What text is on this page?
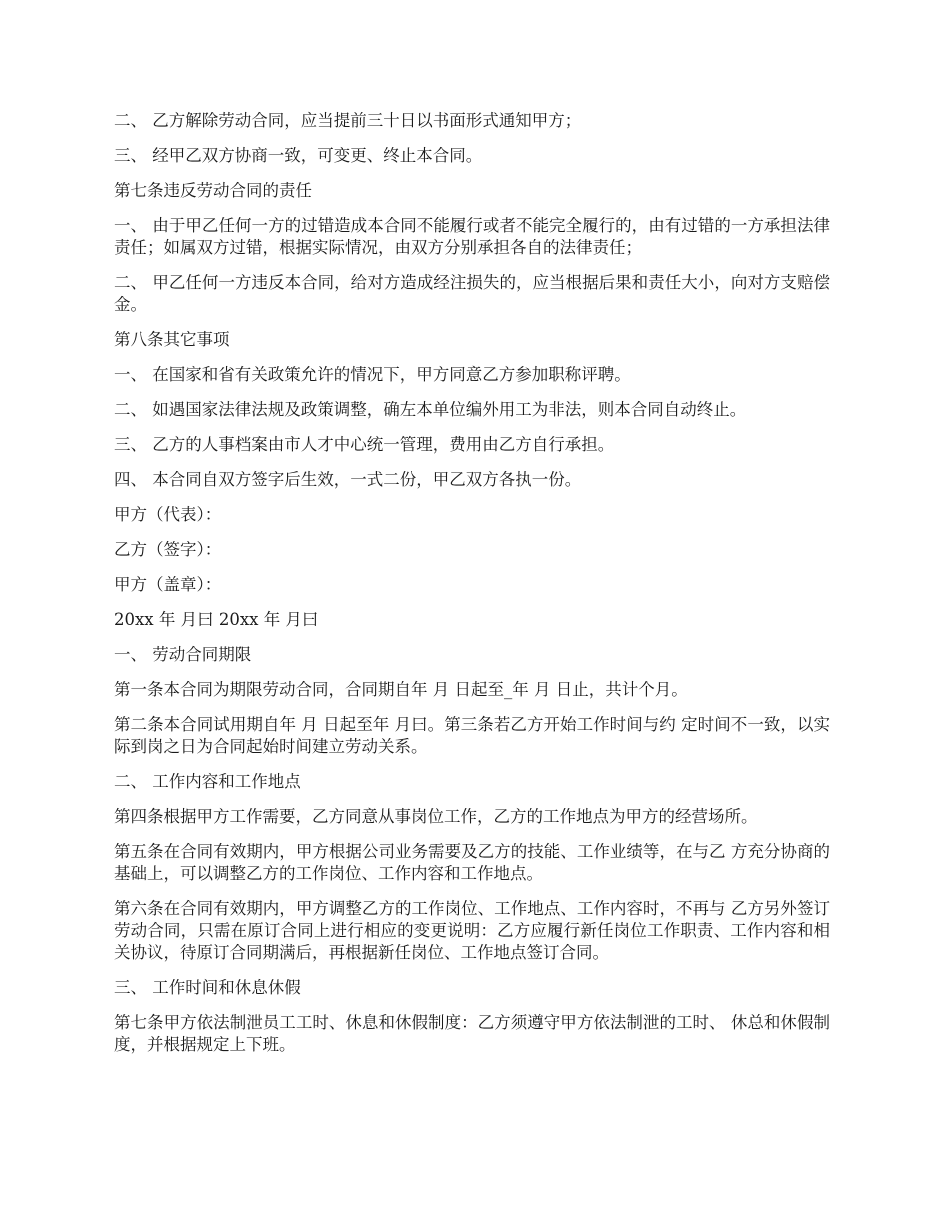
二、 乙方解除劳动合同，应当提前三十日以书面形式通知甲方；

三、 经甲乙双方协商一致，可变更、终止本合同。

第七条违反劳动合同的责任

一、 由于甲乙任何一方的过错造成本合同不能履行或者不能完全履行的，由有过错的一方承担法律责任；如属双方过错，根据实际情况，由双方分别承担各自的法律责任；

二、 甲乙任何一方违反本合同，给对方造成经注损失的，应当根据后果和责任大小，向对方支赔偿金。

第八条其它事项

一、 在国家和省有关政策允许的情况下，甲方同意乙方参加职称评聘。

二、 如遇国家法律法规及政策调整，确左本单位编外用工为非法，则本合同自动终止。

三、 乙方的人事档案由市人才中心统一管理，费用由乙方自行承担。

四、 本合同自双方签字后生效，一式二份，甲乙双方各执一份。

甲方（代表）：

乙方（签字）：

甲方（盖章）：

20xx 年 月曰 20xx 年 月曰

一、 劳动合同期限

第一条本合同为期限劳动合同，合同期自年 月 日起至_年 月 日止，共计个月。

第二条本合同试用期自年 月 日起至年 月曰。第三条若乙方开始工作时间与约 定时间不一致，以实际到岗之日为合同起始时间建立劳动关系。

二、 工作内容和工作地点

第四条根据甲方工作需要，乙方同意从事岗位工作，乙方的工作地点为甲方的经营场所。

第五条在合同有效期内，甲方根据公司业务需要及乙方的技能、工作业绩等，在与乙 方充分协商的基础上，可以调整乙方的工作岗位、工作内容和工作地点。

第六条在合同有效期内，甲方调整乙方的工作岗位、工作地点、工作内容时，不再与 乙方另外签订劳动合同，只需在原订合同上进行相应的变更说明：乙方应履行新任岗位工作职责、工作内容和相关协议，待原订合同期满后，再根据新任岗位、工作地点签订合同。

三、 工作时间和休息休假

第七条甲方依法制泄员工工时、休息和休假制度：乙方须遵守甲方依法制泄的工时、 休总和休假制度，并根据规定上下班。
